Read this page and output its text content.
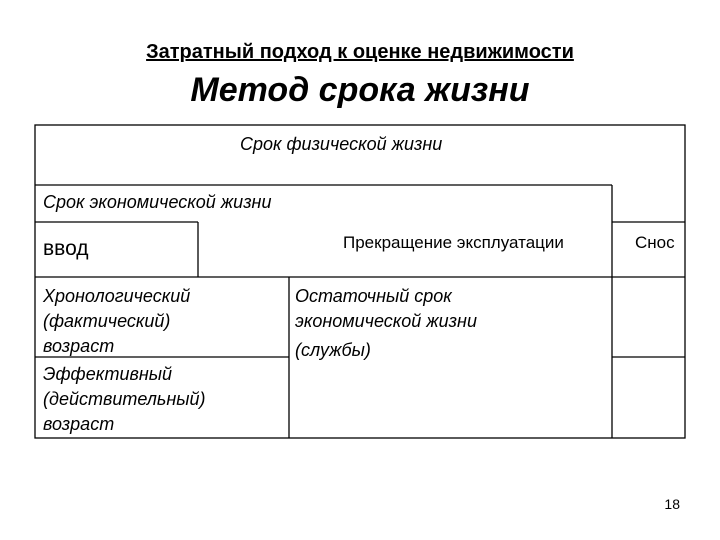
Затратный подход к оценке недвижимости
Метод срока жизни
Срок физической жизни
Срок экономической жизни
ввод	Прекращение эксплуатации	Снос
Хронологический
(фактический)
возраст
Эффективный
(действительный)
возраст
Остаточный срок
экономической жизни
(службы)
18
